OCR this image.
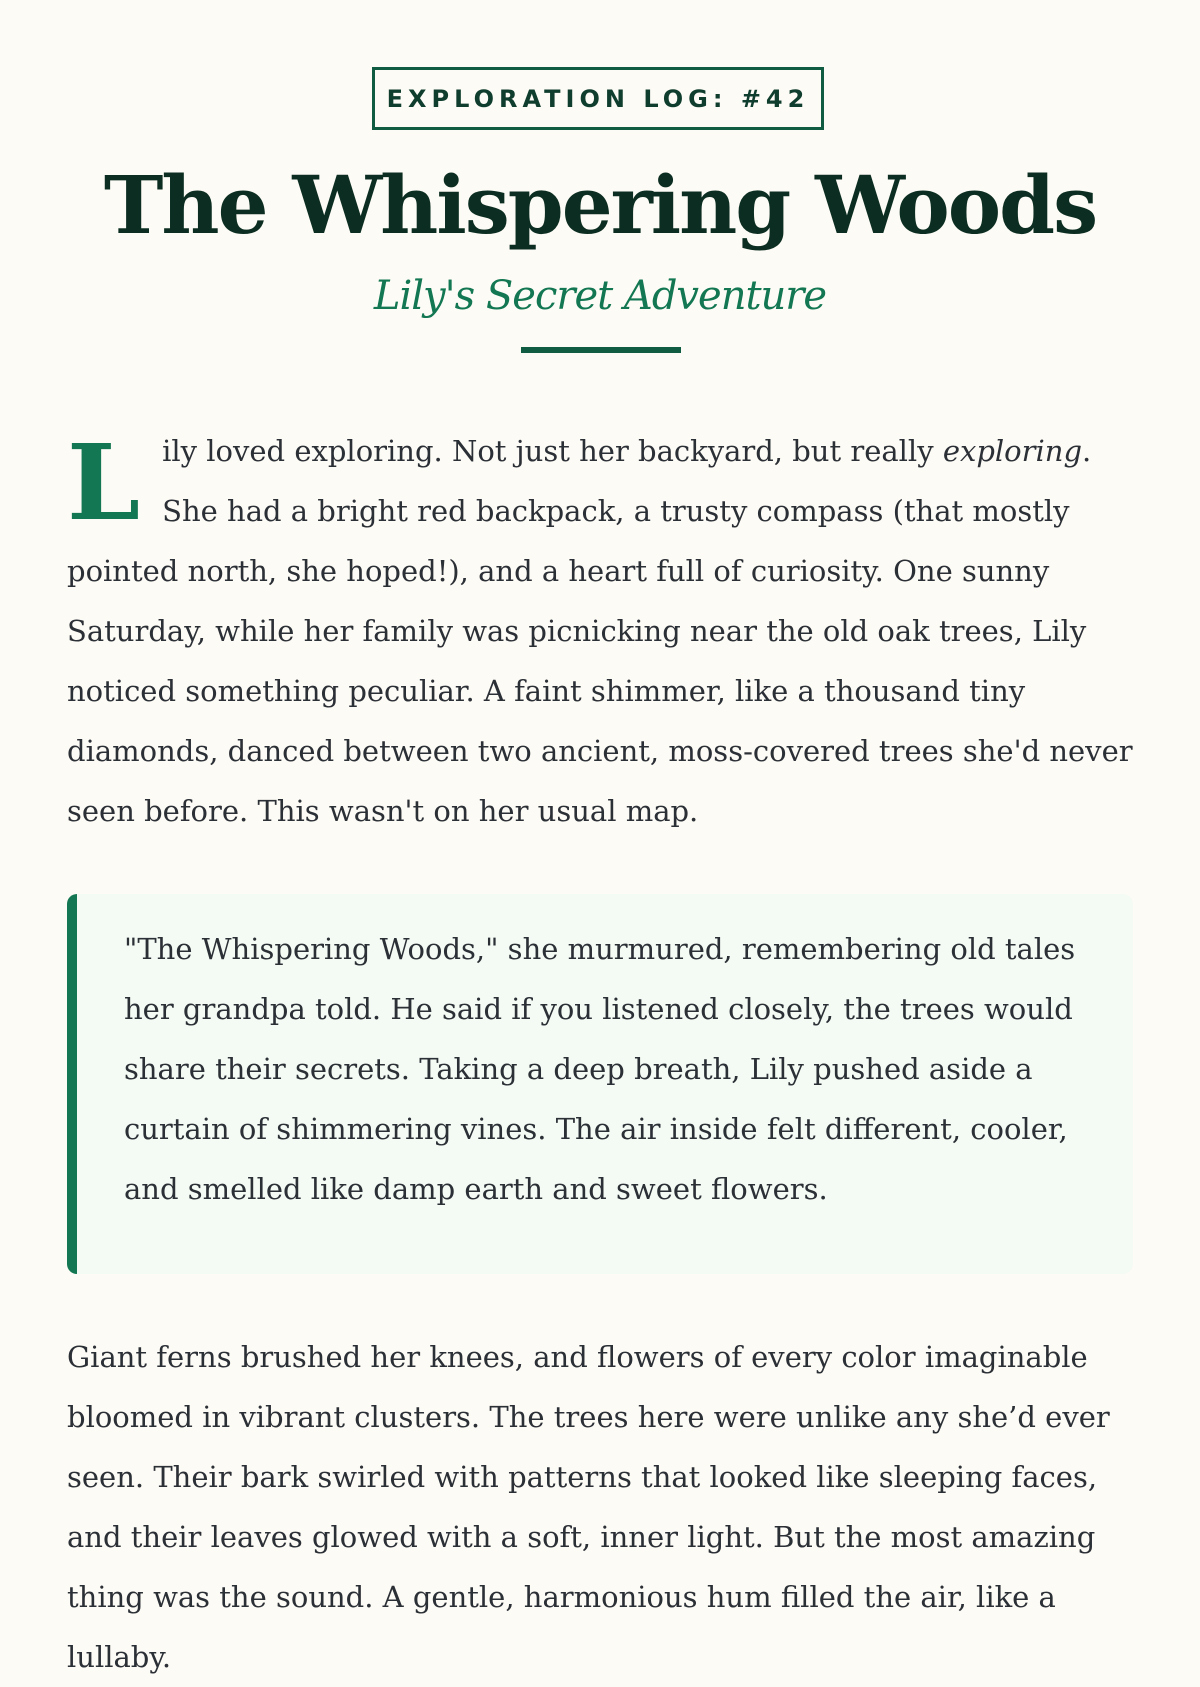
EXPLORATION LOG: #42
The Whispering Woods
Lily's Secret Adventure

Lily loved exploring. Not just her backyard, but really exploring. She had a bright red backpack, a trusty compass (that mostly pointed north, she hoped!), and a heart full of curiosity. One sunny Saturday, while her family was picnicking near the old oak trees, Lily noticed something peculiar. A faint shimmer, like a thousand tiny diamonds, danced between two ancient, moss-covered trees she'd never seen before. This wasn't on her usual map.

"The Whispering Woods," she murmured, remembering old tales her grandpa told. He said if you listened closely, the trees would share their secrets. Taking a deep breath, Lily pushed aside a curtain of shimmering vines. The air inside felt different, cooler, and smelled like damp earth and sweet flowers.

Giant ferns brushed her knees, and flowers of every color imaginable bloomed in vibrant clusters. The trees here were unlike any she’d ever seen. Their bark swirled with patterns that looked like sleeping faces, and their leaves glowed with a soft, inner light. But the most amazing thing was the sound. A gentle, harmonious hum filled the air, like a lullaby.
